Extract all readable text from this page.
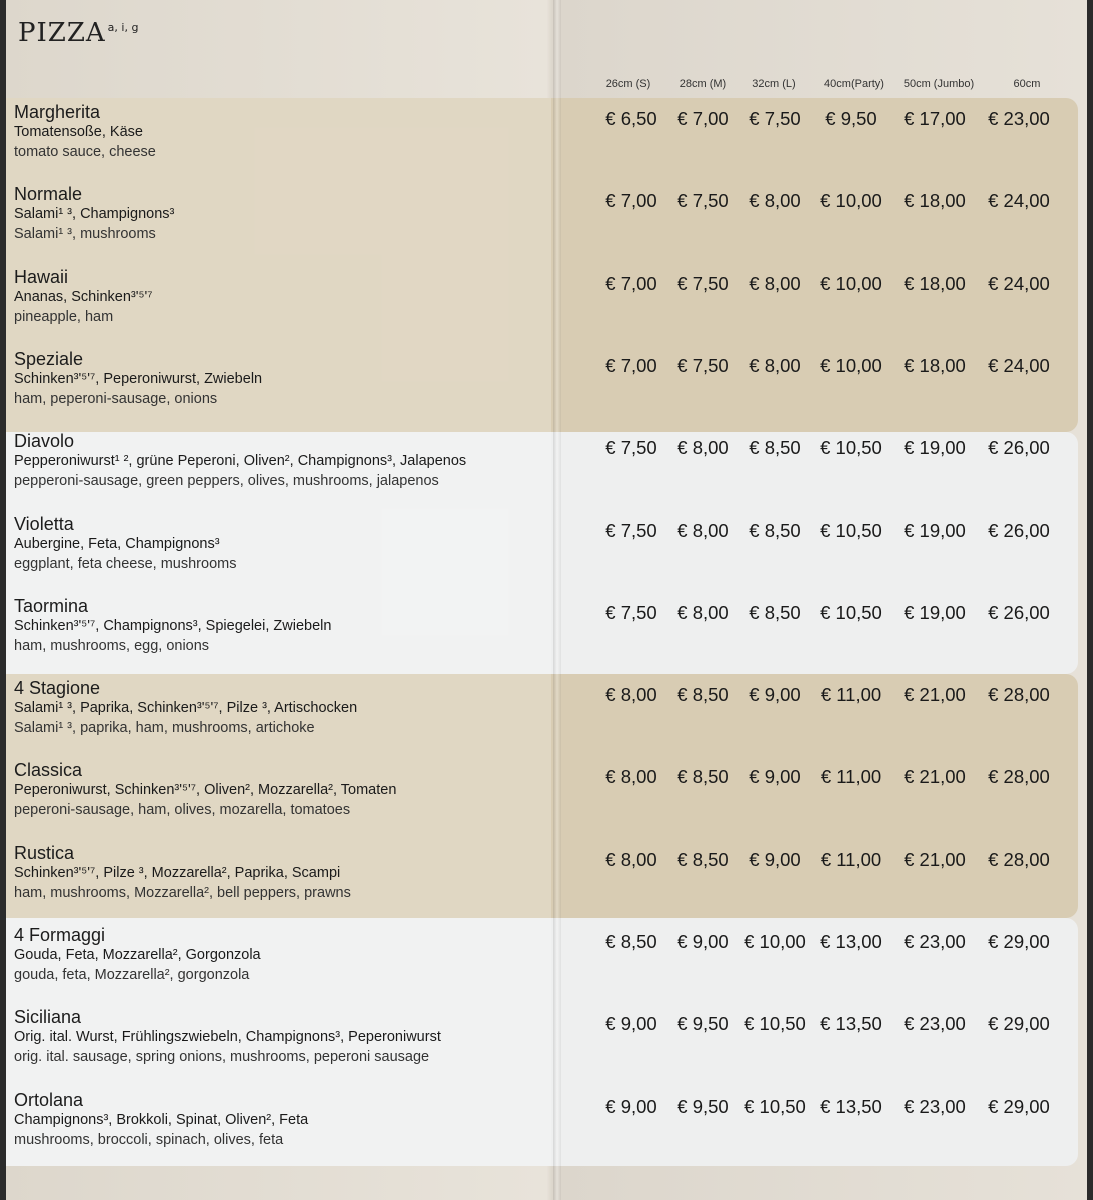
PIZZA $^{a, i, g}$
26cm (S)	28cm (M)	32cm (L)	40cm(Party)	50cm (Jumbo)	60cm
Margherita
Tomatensoße, Käse
tomato sauce, cheese
€ 6,50	€ 7,00	€ 7,50	€ 9,50	€ 17,00	€ 23,00
Normale
Salami¹ ³, Champignons³
Salami¹ ³, mushrooms
€ 7,00	€ 7,50	€ 8,00	€ 10,00	€ 18,00	€ 24,00
Hawaii
Ananas, Schinken³'⁵'⁷
pineapple, ham
€ 7,00	€ 7,50	€ 8,00	€ 10,00	€ 18,00	€ 24,00
Speziale
Schinken³'⁵'⁷, Peperoniwurst, Zwiebeln
ham, peperoni-sausage, onions
€ 7,00	€ 7,50	€ 8,00	€ 10,00	€ 18,00	€ 24,00
Diavolo
Pepperoniwurst¹ ², grüne Peperoni, Oliven², Champignons³, Jalapenos
pepperoni-sausage, green peppers, olives, mushrooms, jalapenos
€ 7,50	€ 8,00	€ 8,50	€ 10,50	€ 19,00	€ 26,00
Violetta
Aubergine, Feta, Champignons³
eggplant, feta cheese, mushrooms
€ 7,50	€ 8,00	€ 8,50	€ 10,50	€ 19,00	€ 26,00
Taormina
Schinken³'⁵'⁷, Champignons³, Spiegelei, Zwiebeln
ham, mushrooms, egg, onions
€ 7,50	€ 8,00	€ 8,50	€ 10,50	€ 19,00	€ 26,00
4 Stagione
Salami¹ ³, Paprika, Schinken³'⁵'⁷, Pilze ³, Artischocken
Salami¹ ³, paprika, ham, mushrooms, artichoke
€ 8,00	€ 8,50	€ 9,00	€ 11,00	€ 21,00	€ 28,00
Classica
Peperoniwurst, Schinken³'⁵'⁷, Oliven², Mozzarella², Tomaten
peperoni-sausage, ham, olives, mozarella, tomatoes
€ 8,00	€ 8,50	€ 9,00	€ 11,00	€ 21,00	€ 28,00
Rustica
Schinken³'⁵'⁷, Pilze ³, Mozzarella², Paprika, Scampi
ham, mushrooms, Mozzarella², bell peppers, prawns
€ 8,00	€ 8,50	€ 9,00	€ 11,00	€ 21,00	€ 28,00
4 Formaggi
Gouda, Feta, Mozzarella², Gorgonzola
gouda, feta, Mozzarella², gorgonzola
€ 8,50	€ 9,00 € 10,00 € 13,00	€ 23,00	€ 29,00
Siciliana
Orig. ital. Wurst, Frühlingszwiebeln, Champignons³, Peperoniwurst
orig. ital. sausage, spring onions, mushrooms, peperoni sausage
€ 9,00	€ 9,50 € 10,50 € 13,50	€ 23,00	€ 29,00
Ortolana
Champignons³, Brokkoli, Spinat, Oliven², Feta
mushrooms, broccoli, spinach, olives, feta
€ 9,00	€ 9,50 € 10,50 € 13,50	€ 23,00	€ 29,00
